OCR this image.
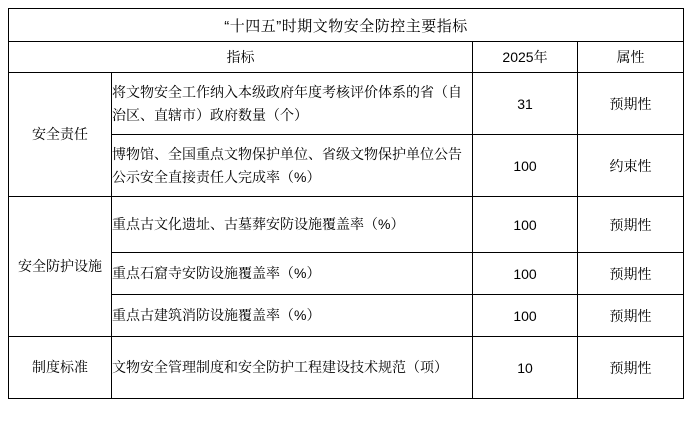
“十四五”时期文物安全防控主要指标			
指标		2025年	属性
安全责任	将文物安全工作纳入本级政府年度考核评价体系的省（自治区、直辖市）政府数量（个）	31	预期性
	博物馆、全国重点文物保护单位、省级文物保护单位公告公示安全直接责任人完成率（%）	100	约束性
安全防护设施	重点古文化遗址、古墓葬安防设施覆盖率（%）	100	预期性
	重点石窟寺安防设施覆盖率（%）	100	预期性
	重点古建筑消防设施覆盖率（%）	100	预期性
制度标准	文物安全管理制度和安全防护工程建设技术规范（项）	10	预期性
